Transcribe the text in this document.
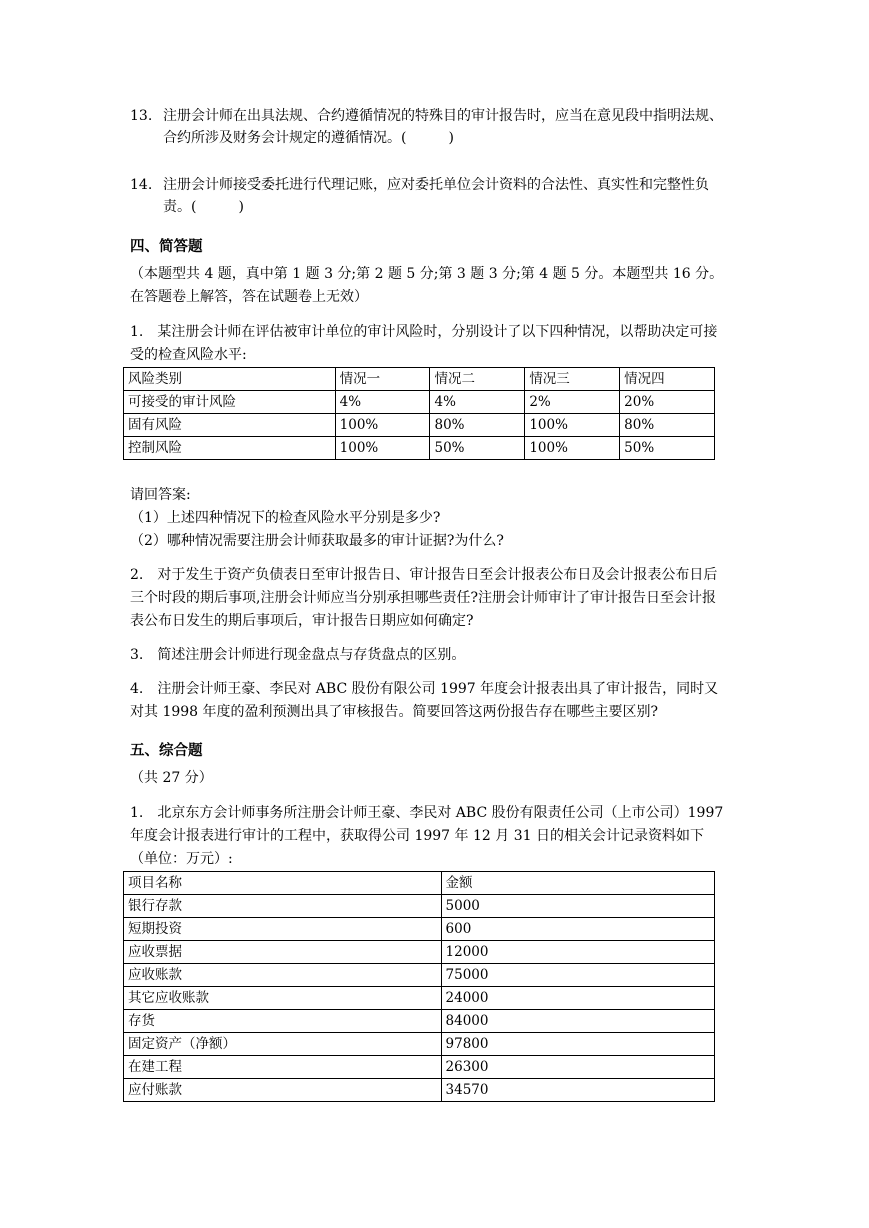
13. 注册会计师在出具法规、合约遵循情况的特殊目的审计报告时，应当在意见段中指明法规、合约所涉及财务会计规定的遵循情况。(　　　)
14. 注册会计师接受委托进行代理记账，应对委托单位会计资料的合法性、真实性和完整性负责。(　　　)
四、简答题

（本题型共 4 题，真中第 1 题 3 分;第 2 题 5 分;第 3 题 3 分;第 4 题 5 分。本题型共 16 分。在答题卷上解答，答在试题卷上无效）

1.　某注册会计师在评估被审计单位的审计风险时，分别设计了以下四种情况，以帮助决定可接受的检查风险水平:

风险类别	情况一	情况二	情况三	情况四
可接受的审计风险	4%	4%	2%	20%
固有风险	100%	80%	100%	80%
控制风险	100%	50%	100%	50%

请回答案:

（1）上述四种情况下的检查风险水平分别是多少?

（2）哪种情况需要注册会计师获取最多的审计证据?为什么?

2.　对于发生于资产负债表日至审计报告日、审计报告日至会计报表公布日及会计报表公布日后三个时段的期后事项,注册会计师应当分别承担哪些责任?注册会计师审计了审计报告日至会计报表公布日发生的期后事项后，审计报告日期应如何确定?

3.　简述注册会计师进行现金盘点与存货盘点的区别。

4.　注册会计师王豪、李民对 ABC 股份有限公司 1997 年度会计报表出具了审计报告，同时又对其 1998 年度的盈利预测出具了审核报告。简要回答这两份报告存在哪些主要区别?

五、综合题

（共 27 分）

1.　北京东方会计师事务所注册会计师王豪、李民对 ABC 股份有限责任公司（上市公司）1997 年度会计报表进行审计的工程中，获取得公司 1997 年 12 月 31 日的相关会计记录资料如下（单位：万元）:

项目名称	金额
银行存款	5000
短期投资	600
应收票据	12000
应收账款	75000
其它应收账款	24000
存货	84000
固定资产（净额）	97800
在建工程	26300
应付账款	34570
